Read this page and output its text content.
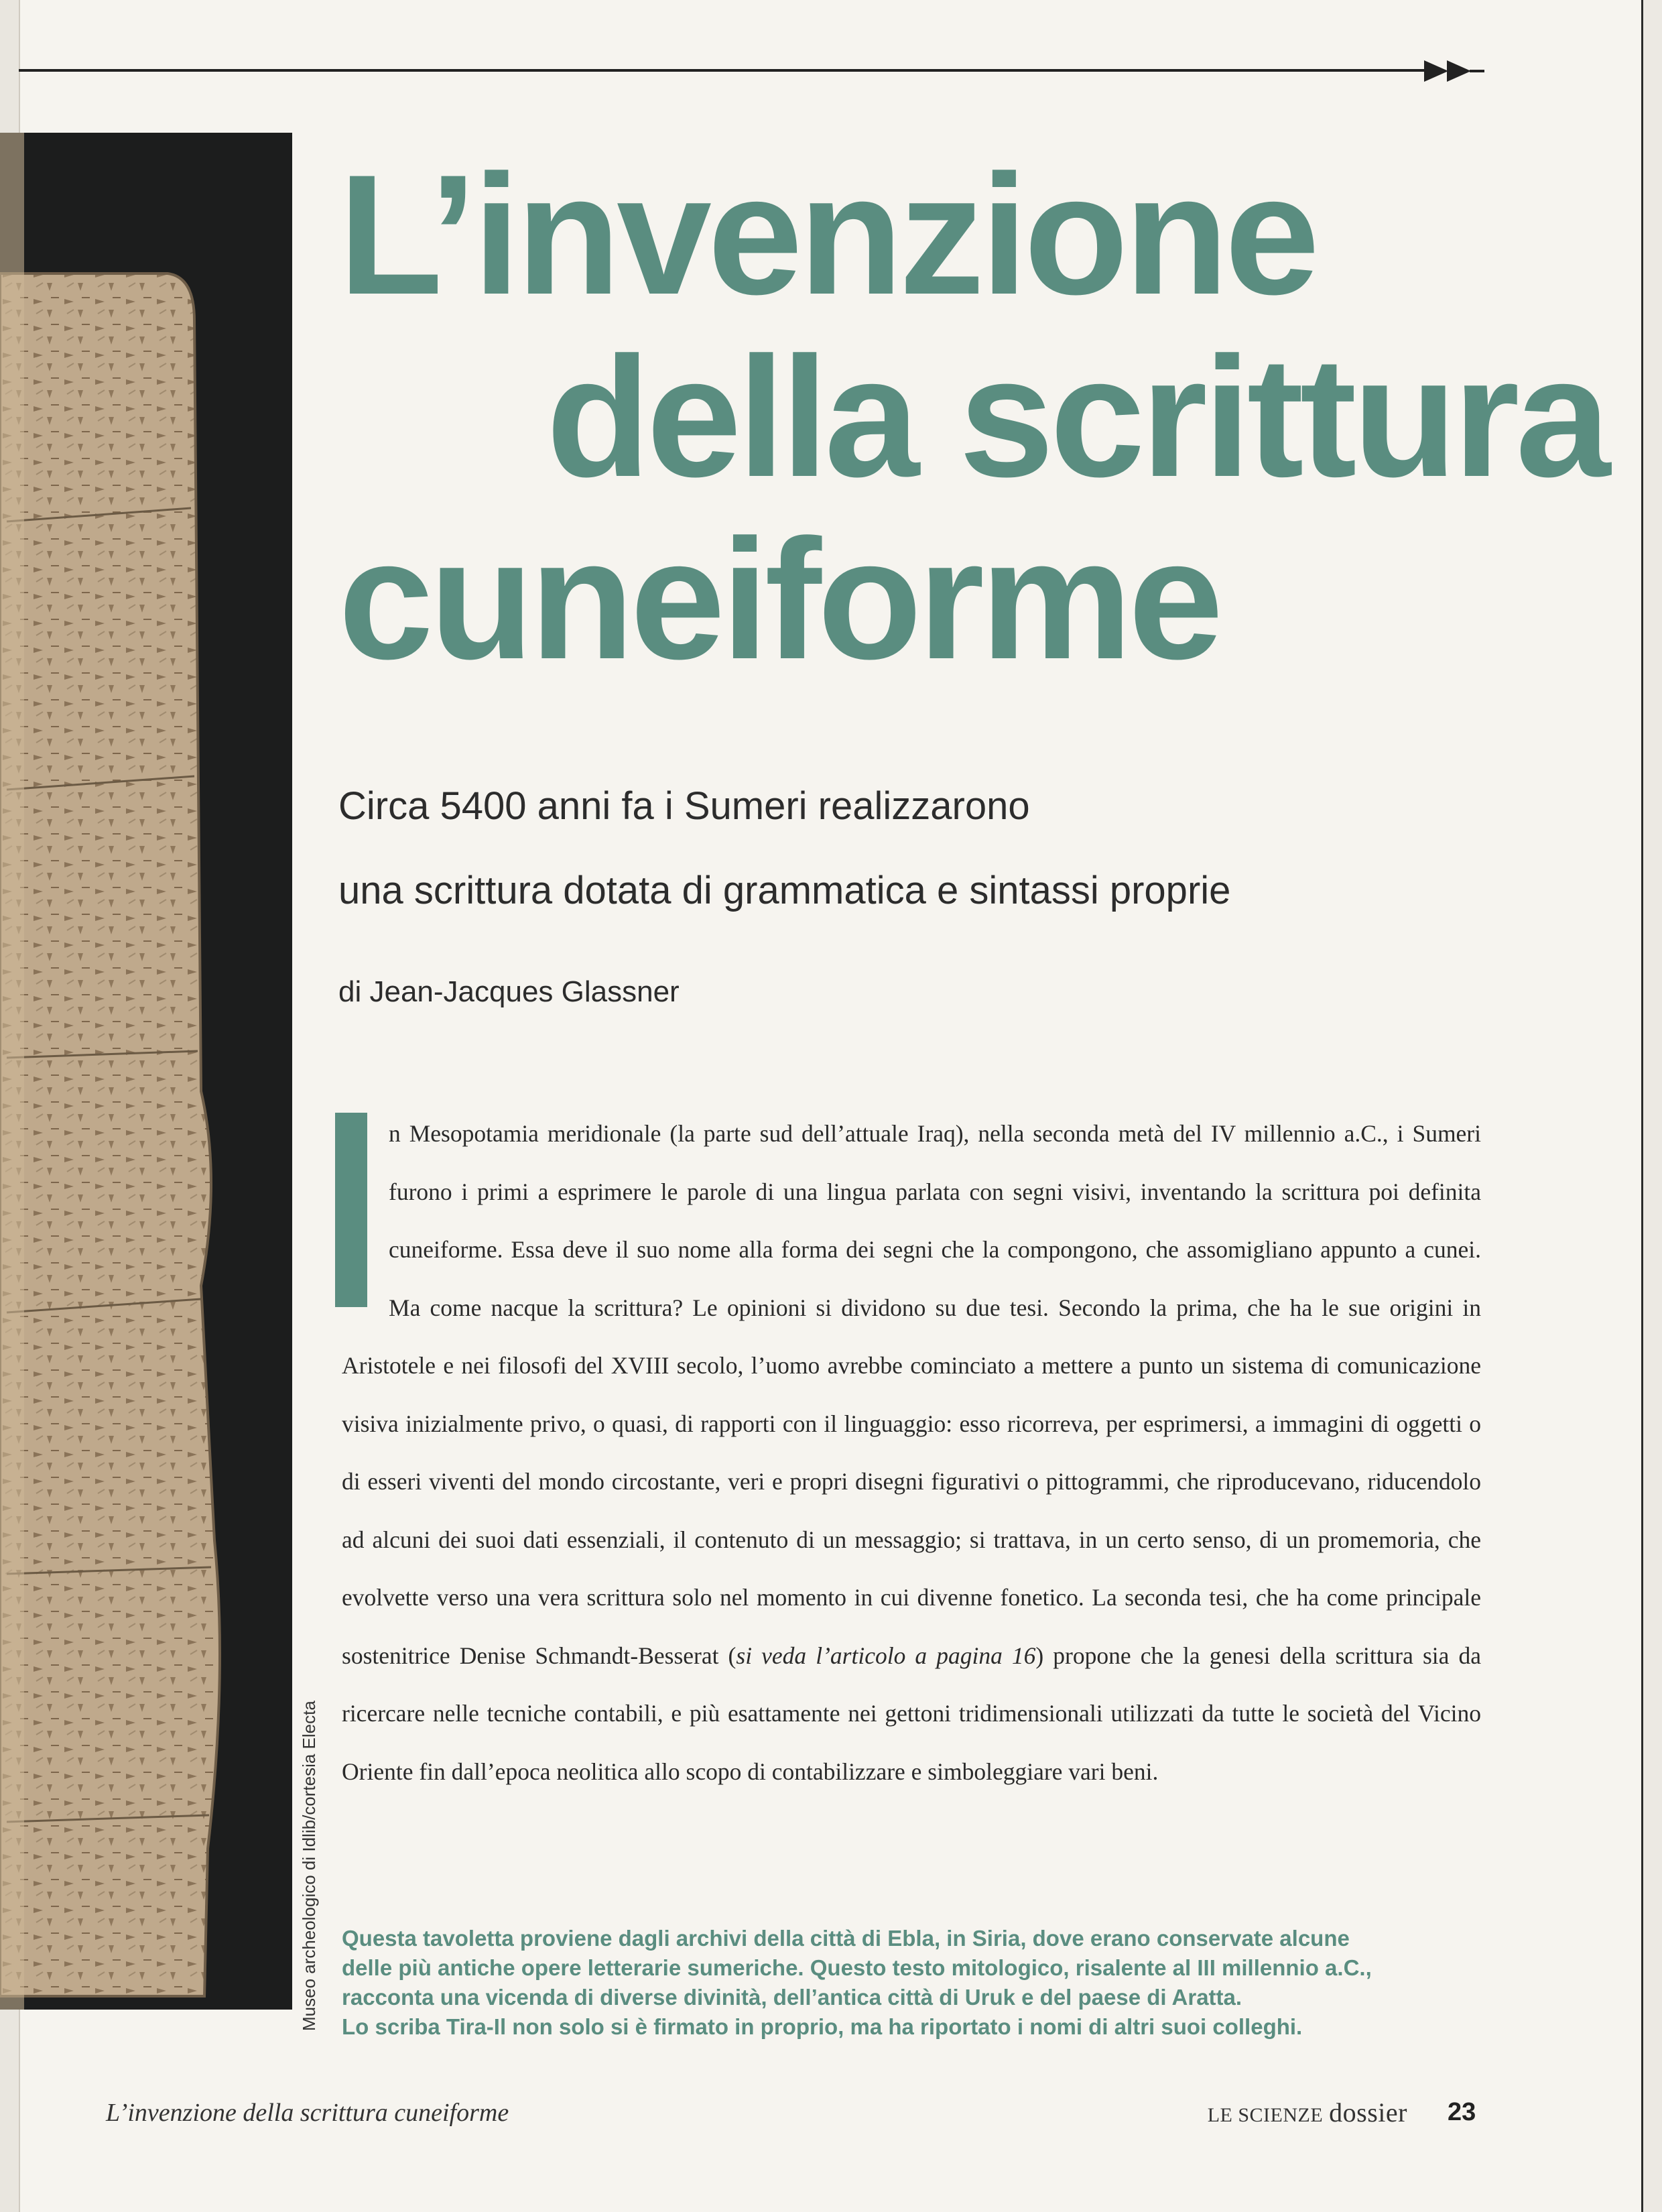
Museo archeologico di Idlib/cortesia Electa
L’invenzione
della scrittura
cuneiforme
Circa 5400 anni fa i Sumeri realizzarono
una scrittura dotata di grammatica e sintassi proprie
di Jean-Jacques Glassner
n Mesopotamia meridionale (la parte sud dell’attuale Iraq), nella seconda metà del IV millennio a.C., i Sumeri furono i primi a esprimere le parole di una lingua parlata con segni visivi, inventando la scrittura poi definita cuneiforme. Essa deve il suo nome alla forma dei segni che la compongono, che assomigliano appunto a cunei. Ma come nacque la scrittura? Le opinioni si dividono su due tesi. Secondo la prima, che ha le sue origini in Aristotele e nei filosofi del XVIII secolo, l’uomo avrebbe cominciato a mettere a punto un sistema di comunicazione visiva inizialmente privo, o quasi, di rapporti con il linguaggio: esso ricorreva, per esprimersi, a immagini di oggetti o di esseri viventi del mondo circostante, veri e propri disegni figurativi o pittogrammi, che riproducevano, riducendolo ad alcuni dei suoi dati essenziali, il contenuto di un messaggio; si trattava, in un certo senso, di un promemoria, che evolvette verso una vera scrittura solo nel momento in cui divenne fonetico. La seconda tesi, che ha come principale sostenitrice Denise Schmandt-Besserat (si veda l’articolo a pagina 16) propone che la genesi della scrittura sia da ricercare nelle tecniche contabili, e più esattamente nei gettoni tridimensionali utilizzati da tutte le società del Vicino Oriente fin dall’epoca neolitica allo scopo di contabilizzare e simboleggiare vari beni.
Questa tavoletta proviene dagli archivi della città di Ebla, in Siria, dove erano conservate alcune
delle più antiche opere letterarie sumeriche. Questo testo mitologico, risalente al III millennio a.C.,
racconta una vicenda di diverse divinità, dell’antica città di Uruk e del paese di Aratta.
Lo scriba Tira-Il non solo si è firmato in proprio, ma ha riportato i nomi di altri suoi colleghi.
L’invenzione della scrittura cuneiforme	LE SCIENZE dossier 23
